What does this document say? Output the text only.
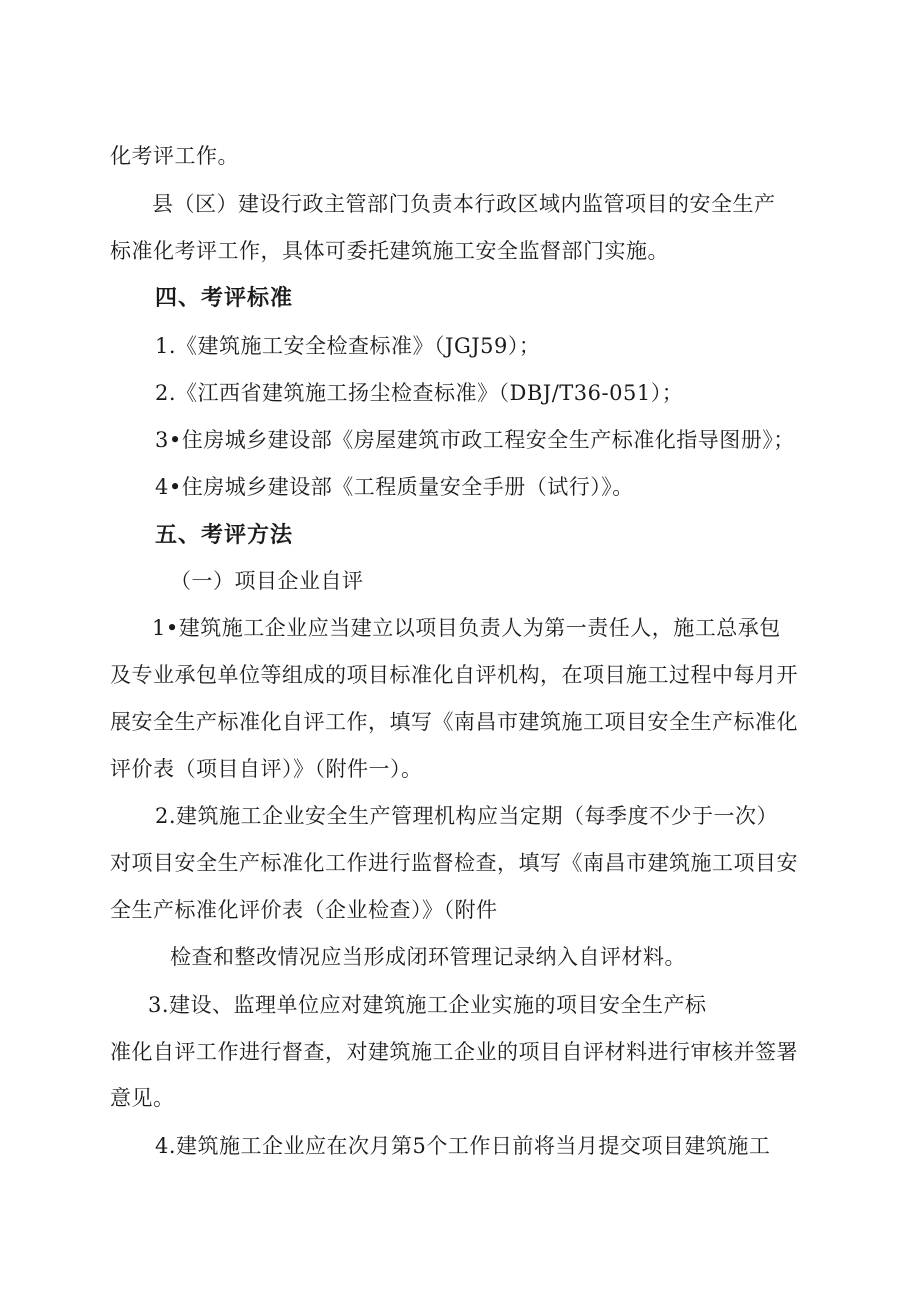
化考评工作。

县（区）建设行政主管部门负责本行政区域内监管项目的安全生产

标准化考评工作，具体可委托建筑施工安全监督部门实施。

四、考评标准

1.《建筑施工安全检查标准》（JGJ59）；

2.《江西省建筑施工扬尘检查标准》（DBJ/T36-051）；

3•住房城乡建设部《房屋建筑市政工程安全生产标准化指导图册》；

4•住房城乡建设部《工程质量安全手册（试行）》。

五、考评方法

（一）项目企业自评

1•建筑施工企业应当建立以项目负责人为第一责任人，施工总承包

及专业承包单位等组成的项目标准化自评机构，在项目施工过程中每月开

展安全生产标准化自评工作，填写《南昌市建筑施工项目安全生产标准化

评价表（项目自评）》（附件一）。

2.建筑施工企业安全生产管理机构应当定期（每季度不少于一次）

对项目安全生产标准化工作进行监督检查，填写《南昌市建筑施工项目安

全生产标准化评价表（企业检查）》（附件

检查和整改情况应当形成闭环管理记录纳入自评材料。

3.建设、监理单位应对建筑施工企业实施的项目安全生产标

准化自评工作进行督查，对建筑施工企业的项目自评材料进行审核并签署

意见。

4.建筑施工企业应在次月第5个工作日前将当月提交项目建筑施工
